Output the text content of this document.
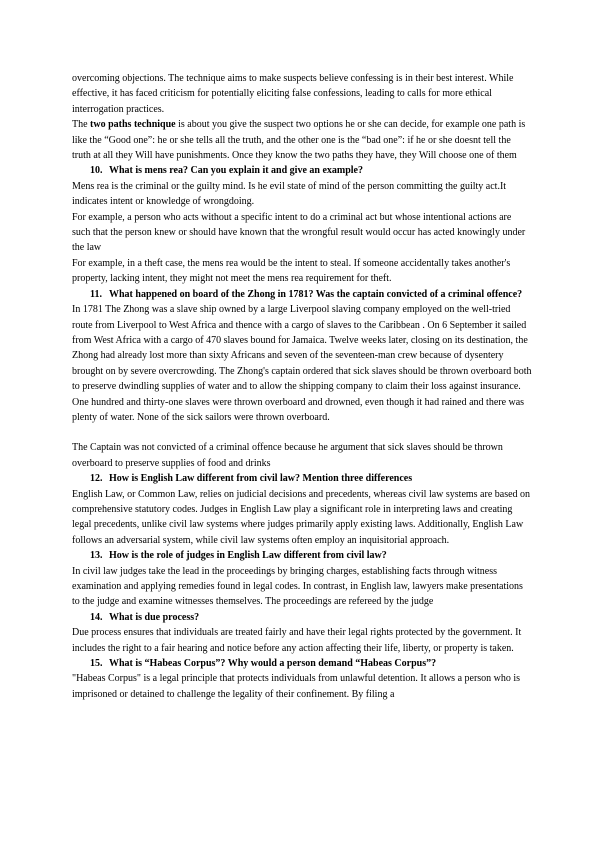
overcoming objections. The technique aims to make suspects believe confessing is in their best interest. While effective, it has faced criticism for potentially eliciting false confessions, leading to calls for more ethical interrogation practices.

The two paths technique is about you give the suspect two options he or she can decide, for example one path is like the “Good one”: he or she tells all the truth, and the other one is the “bad one”: if he or she doesnt tell the truth at all they Will have punishments. Once they know the two paths they have, they Will choose one of them

10. What is mens rea? Can you explain it and give an example?

Mens rea is the criminal or the guilty mind. Is he evil state of mind of the person committing the guilty act.It indicates intent or knowledge of wrongdoing.

For example, a person who acts without a specific intent to do a criminal act but whose intentional actions are such that the person knew or should have known that the wrongful result would occur has acted knowingly under the law

For example, in a theft case, the mens rea would be the intent to steal. If someone accidentally takes another's property, lacking intent, they might not meet the mens rea requirement for theft.

11. What happened on board of the Zhong in 1781? Was the captain convicted of a criminal offence?

In 1781 The Zhong was a slave ship owned by a large Liverpool slaving company employed on the well-tried route from Liverpool to West Africa and thence with a cargo of slaves to the Caribbean . On 6 September it sailed from West Africa with a cargo of 470 slaves bound for Jamaica. Twelve weeks later, closing on its destination, the Zhong had already lost more than sixty Africans and seven of the seventeen-man crew because of dysentery brought on by severe overcrowding. The Zhong's captain ordered that sick slaves should be thrown overboard both to preserve dwindling supplies of water and to allow the shipping company to claim their loss against insurance. One hundred and thirty-one slaves were thrown overboard and drowned, even though it had rained and there was plenty of water. None of the sick sailors were thrown overboard.

The Captain was not convicted of a criminal offence because he argument that sick slaves should be thrown overboard to preserve supplies of food and drinks

12. How is English Law different from civil law? Mention three differences

English Law, or Common Law, relies on judicial decisions and precedents, whereas civil law systems are based on comprehensive statutory codes. Judges in English Law play a significant role in interpreting laws and creating legal precedents, unlike civil law systems where judges primarily apply existing laws. Additionally, English Law follows an adversarial system, while civil law systems often employ an inquisitorial approach.

13. How is the role of judges in English Law different from civil law?

In civil law judges take the lead in the proceedings by bringing charges, establishing facts through witness examination and applying remedies found in legal codes. In contrast, in English law, lawyers make presentations to the judge and examine witnesses themselves. The proceedings are refereed by the judge

14. What is due process?

Due process ensures that individuals are treated fairly and have their legal rights protected by the government. It includes the right to a fair hearing and notice before any action affecting their life, liberty, or property is taken.

15. What is “Habeas Corpus”? Why would a person demand “Habeas Corpus”?

"Habeas Corpus" is a legal principle that protects individuals from unlawful detention. It allows a person who is imprisoned or detained to challenge the legality of their confinement. By filing a
